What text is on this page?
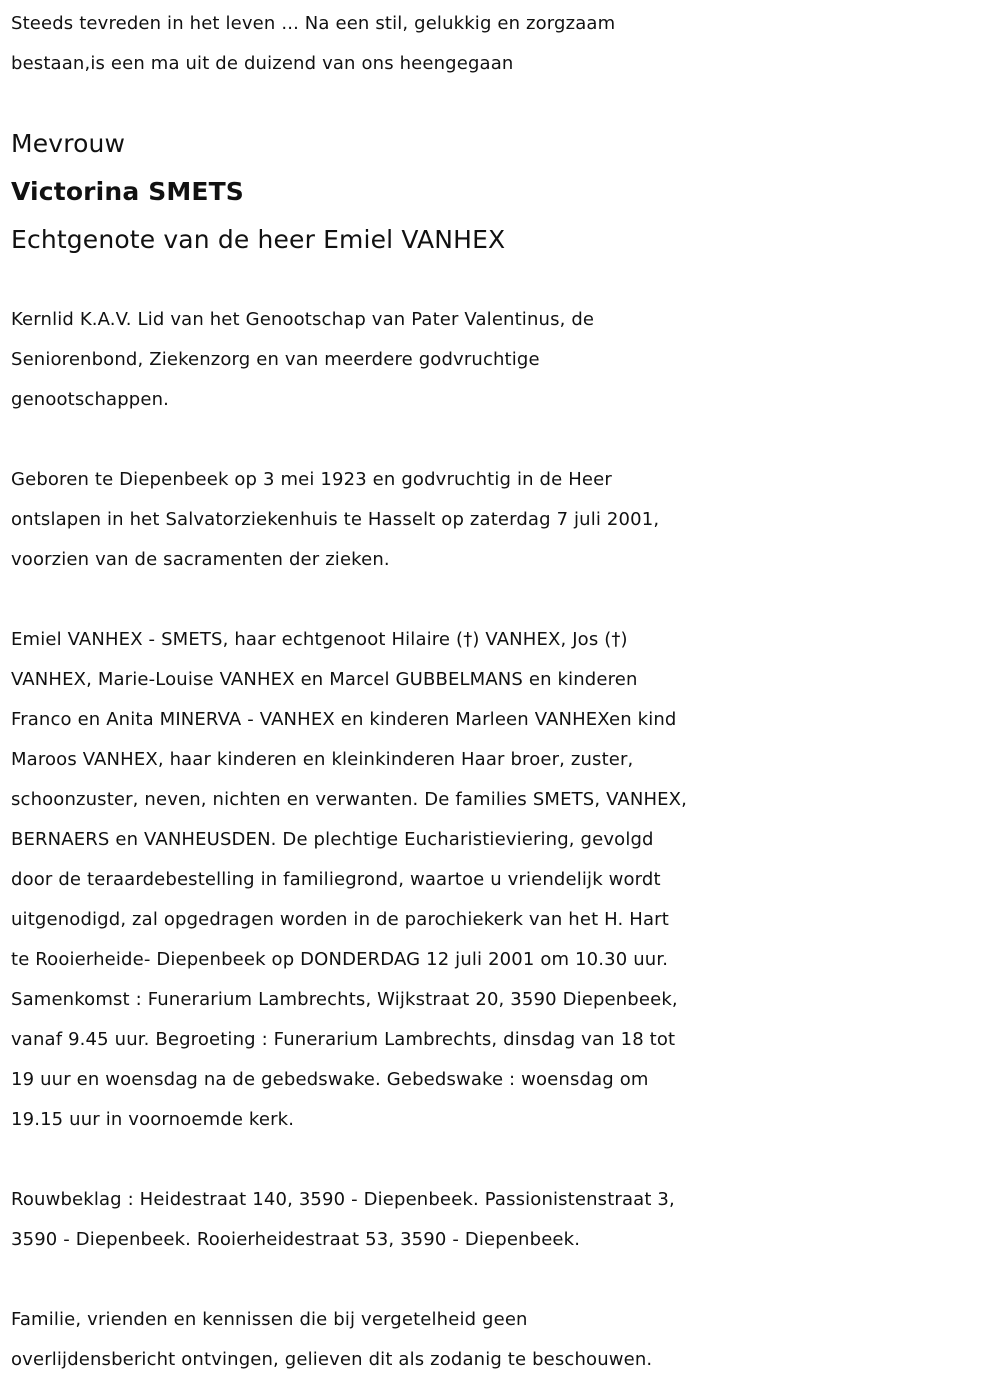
Steeds tevreden in het leven ... Na een stil, gelukkig en zorgzaam
bestaan,is een ma uit de duizend van ons heengegaan

Mevrouw

Victorina SMETS

Echtgenote van de heer Emiel VANHEX

Kernlid K.A.V. Lid van het Genootschap van Pater Valentinus, de
Seniorenbond, Ziekenzorg en van meerdere godvruchtige
genootschappen.

Geboren te Diepenbeek op 3 mei 1923 en godvruchtig in de Heer
ontslapen in het Salvatorziekenhuis te Hasselt op zaterdag 7 juli 2001,
voorzien van de sacramenten der zieken.

Emiel VANHEX - SMETS, haar echtgenoot Hilaire (†) VANHEX, Jos (†)
VANHEX, Marie-Louise VANHEX en Marcel GUBBELMANS en kinderen
Franco en Anita MINERVA - VANHEX en kinderen Marleen VANHEXen kind
Maroos VANHEX, haar kinderen en kleinkinderen Haar broer, zuster,
schoonzuster, neven, nichten en verwanten. De families SMETS, VANHEX,
BERNAERS en VANHEUSDEN. De plechtige Eucharistieviering, gevolgd
door de teraardebestelling in familiegrond, waartoe u vriendelijk wordt
uitgenodigd, zal opgedragen worden in de parochiekerk van het H. Hart
te Rooierheide- Diepenbeek op DONDERDAG 12 juli 2001 om 10.30 uur.
Samenkomst : Funerarium Lambrechts, Wijkstraat 20, 3590 Diepenbeek,
vanaf 9.45 uur. Begroeting : Funerarium Lambrechts, dinsdag van 18 tot
19 uur en woensdag na de gebedswake. Gebedswake : woensdag om
19.15 uur in voornoemde kerk.

Rouwbeklag : Heidestraat 140, 3590 - Diepenbeek. Passionistenstraat 3,
3590 - Diepenbeek. Rooierheidestraat 53, 3590 - Diepenbeek.

Familie, vrienden en kennissen die bij vergetelheid geen
overlijdensbericht ontvingen, gelieven dit als zodanig te beschouwen.
